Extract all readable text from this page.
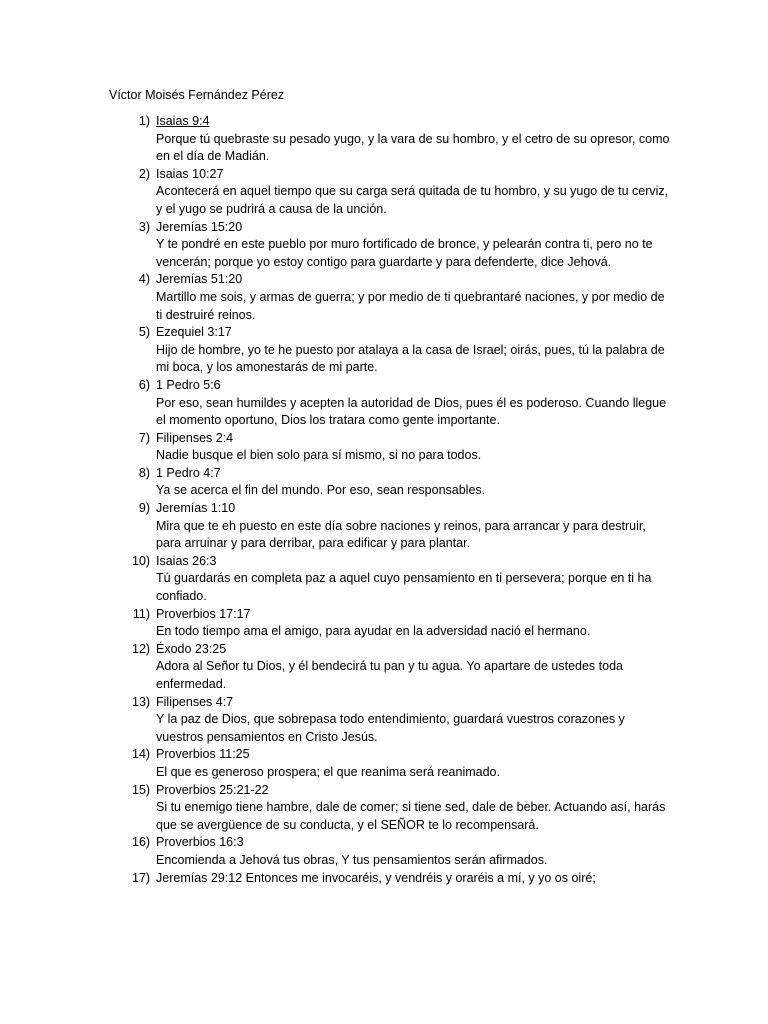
Víctor Moisés Fernández Pérez
1) Isaias 9:4
Porque tú quebraste su pesado yugo, y la vara de su hombro, y el cetro de su opresor, como en el día de Madián.
2) Isaias 10:27
Acontecerá en aquel tiempo que su carga será quitada de tu hombro, y su yugo de tu cerviz, y el yugo se pudrirá a causa de la unción.
3) Jeremías 15:20
Y te pondré en este pueblo por muro fortificado de bronce, y pelearán contra ti, pero no te vencerán; porque yo estoy contigo para guardarte y para defenderte, dice Jehová.
4) Jeremías 51:20
Martillo me sois, y armas de guerra; y por medio de ti quebrantaré naciones, y por medio de ti destruiré reinos.
5) Ezequiel 3:17
Hijo de hombre, yo te he puesto por atalaya a la casa de Israel; oirás, pues, tú la palabra de mi boca, y los amonestarás de mi parte.
6) 1 Pedro 5:6
Por eso, sean humildes y acepten la autoridad de Dios, pues él es poderoso. Cuando llegue el momento oportuno, Dios los tratara como gente importante.
7) Filipenses 2:4
Nadie busque el bien solo para sí mismo, si no para todos.
8) 1 Pedro 4:7
Ya se acerca el fin del mundo. Por eso, sean responsables.
9) Jeremías 1:10
Mira que te eh puesto en este día sobre naciones y reinos, para arrancar y para destruir, para arruinar y para derribar, para edificar y para plantar.
10) Isaias 26:3
Tú guardarás en completa paz a aquel cuyo pensamiento en ti persevera; porque en ti ha confiado.
11) Proverbios 17:17
En todo tiempo ama el amigo, para ayudar en la adversidad nació el hermano.
12) Éxodo 23:25
Adora al Señor tu Dios, y él bendecirá tu pan y tu agua. Yo apartare de ustedes toda enfermedad.
13) Filipenses 4:7
Y la paz de Dios, que sobrepasa todo entendimiento, guardará vuestros corazones y vuestros pensamientos en Cristo Jesús.
14) Proverbios 11:25
El que es generoso prospera; el que reanima será reanimado.
15) Proverbios 25:21-22
Si tu enemigo tiene hambre, dale de comer; si tiene sed, dale de beber. Actuando así, harás que se avergüence de su conducta, y el SEÑOR te lo recompensará.
16) Proverbios 16:3
Encomienda a Jehová tus obras, Y tus pensamientos serán afirmados.
17) Jeremías 29:12 Entonces me invocaréis, y vendréis y oraréis a mí, y yo os oiré;
